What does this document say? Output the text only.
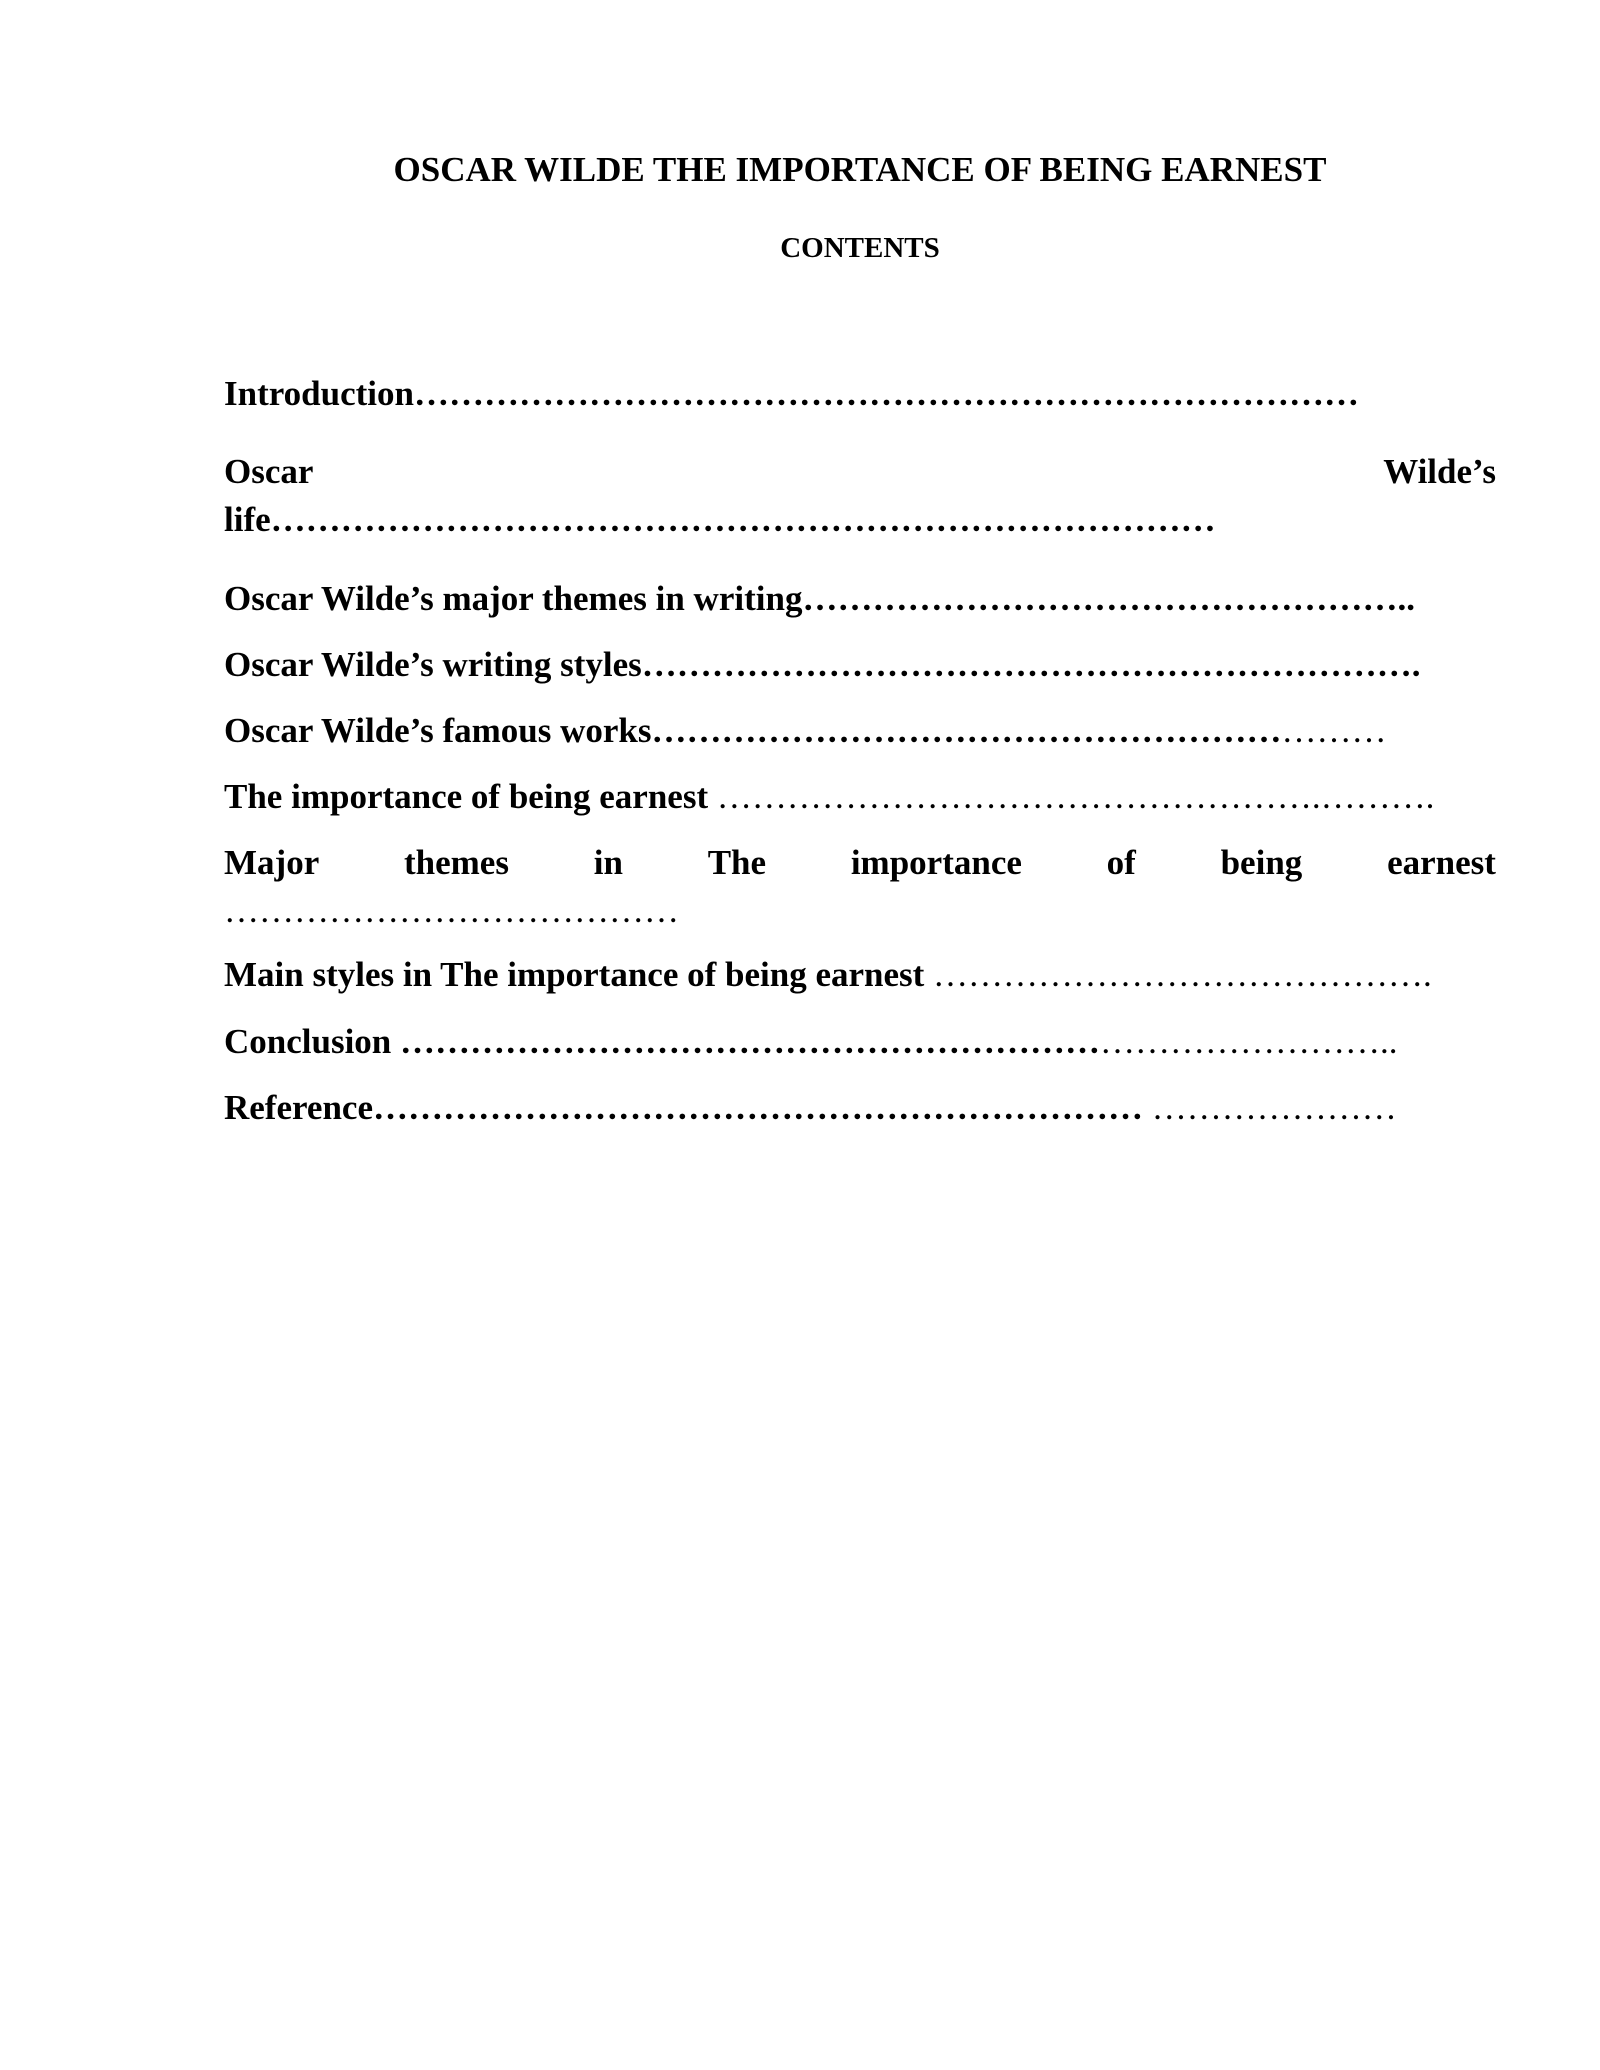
OSCAR WILDE THE IMPORTANCE OF BEING EARNEST
CONTENTS
Introduction………………………………………………………………………
Oscar	Wilde’s
life………………………………………………………………………
Oscar Wilde’s major themes in writing……………………………………………..
Oscar Wilde’s writing styles………………………………………………………….
Oscar Wilde’s famous works………………………………………………………
The importance of being earnest …………………………………………….……….
Major themes in The importance of being earnest
…………………………………
Main styles in The importance of being earnest …………………………………….
Conclusion …………………………………………………………………………..
Reference………………………………………………………… …………………
